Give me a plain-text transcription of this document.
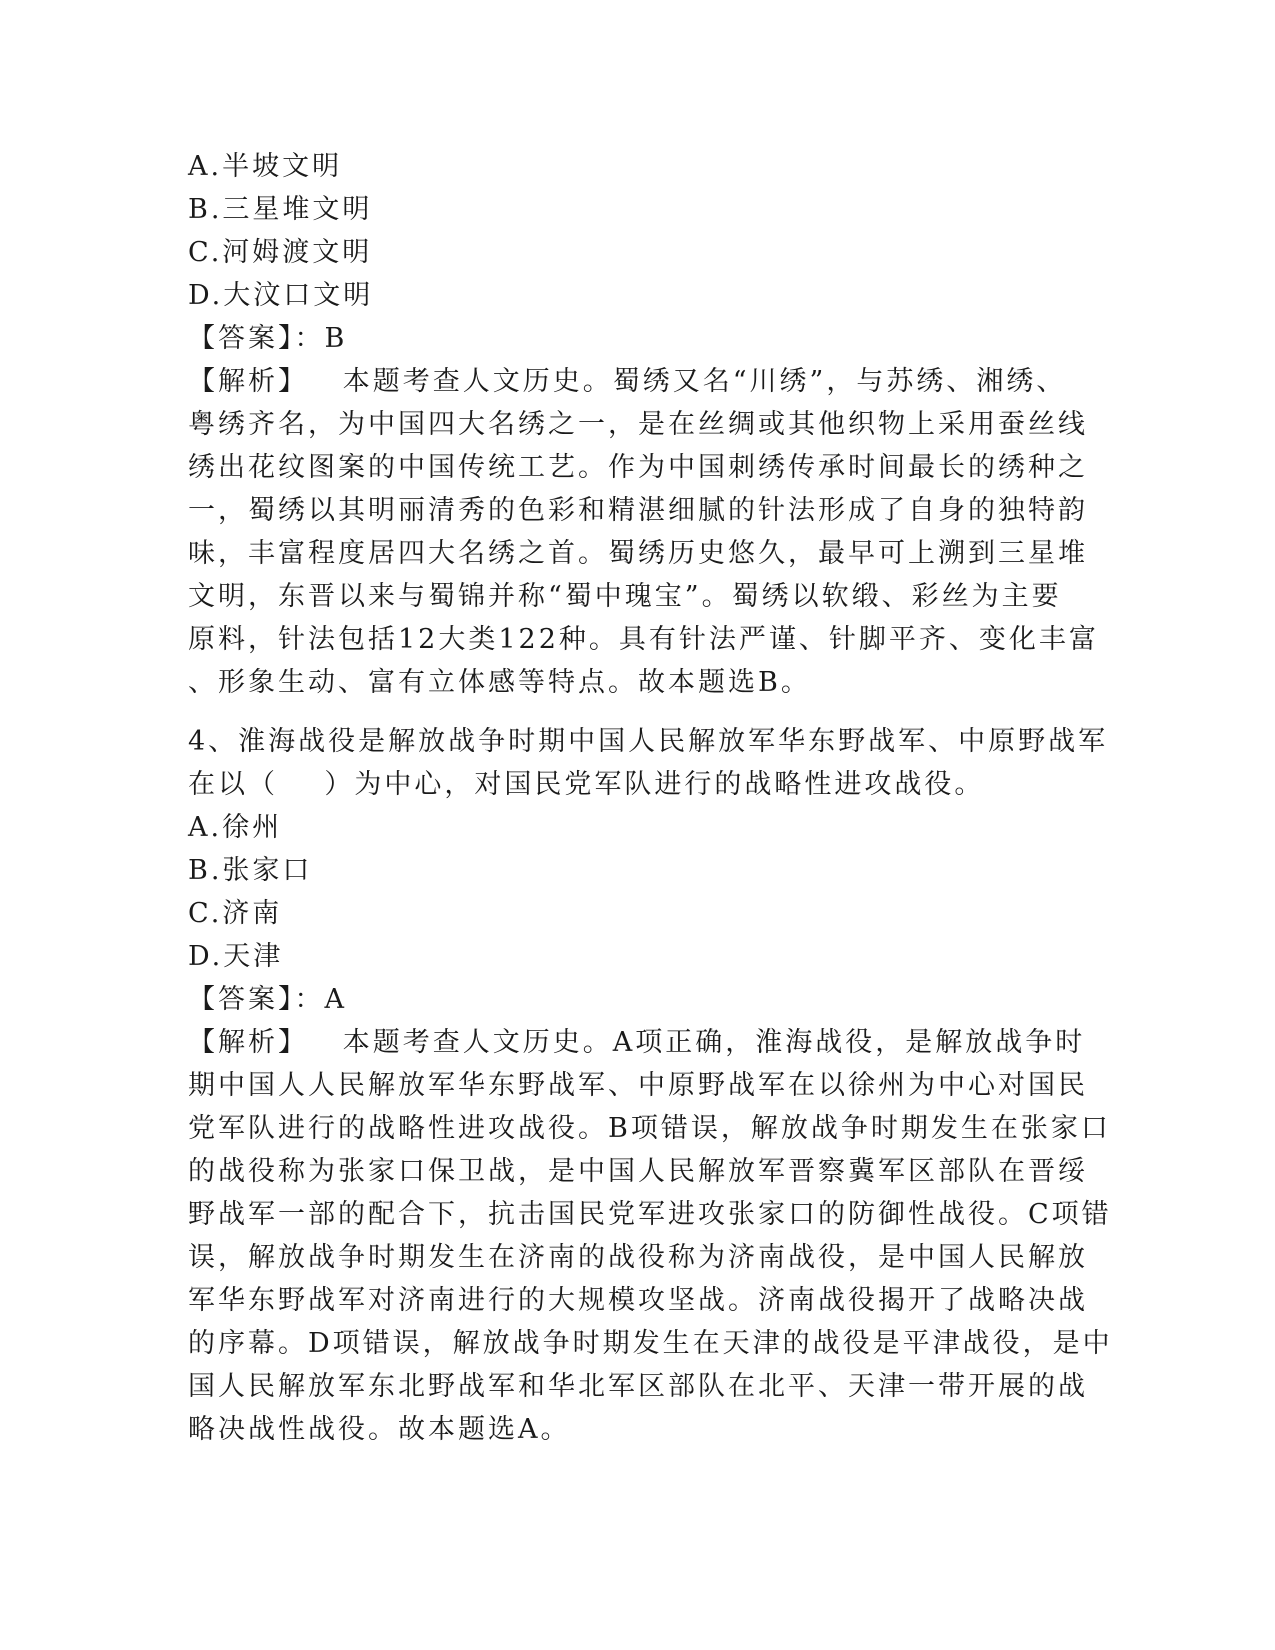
A.半坡文明
B.三星堆文明
C.河姆渡文明
D.大汶口文明
【答案】：B
【解析】   本题考查人文历史。蜀绣又名“川绣”，与苏绣、湘绣、
粤绣齐名，为中国四大名绣之一，是在丝绸或其他织物上采用蚕丝线
绣出花纹图案的中国传统工艺。作为中国刺绣传承时间最长的绣种之
一，蜀绣以其明丽清秀的色彩和精湛细腻的针法形成了自身的独特韵
味，丰富程度居四大名绣之首。蜀绣历史悠久，最早可上溯到三星堆
文明，东晋以来与蜀锦并称“蜀中瑰宝”。蜀绣以软缎、彩丝为主要
原料，针法包括12大类122种。具有针法严谨、针脚平齐、变化丰富
、形象生动、富有立体感等特点。故本题选B。
4、淮海战役是解放战争时期中国人民解放军华东野战军、中原野战军
在以（    ）为中心，对国民党军队进行的战略性进攻战役。
A.徐州
B.张家口
C.济南
D.天津
【答案】：A
【解析】   本题考查人文历史。A项正确，淮海战役，是解放战争时
期中国人人民解放军华东野战军、中原野战军在以徐州为中心对国民
党军队进行的战略性进攻战役。B项错误，解放战争时期发生在张家口
的战役称为张家口保卫战，是中国人民解放军晋察冀军区部队在晋绥
野战军一部的配合下，抗击国民党军进攻张家口的防御性战役。C项错
误，解放战争时期发生在济南的战役称为济南战役，是中国人民解放
军华东野战军对济南进行的大规模攻坚战。济南战役揭开了战略决战
的序幕。D项错误，解放战争时期发生在天津的战役是平津战役，是中
国人民解放军东北野战军和华北军区部队在北平、天津一带开展的战
略决战性战役。故本题选A。
